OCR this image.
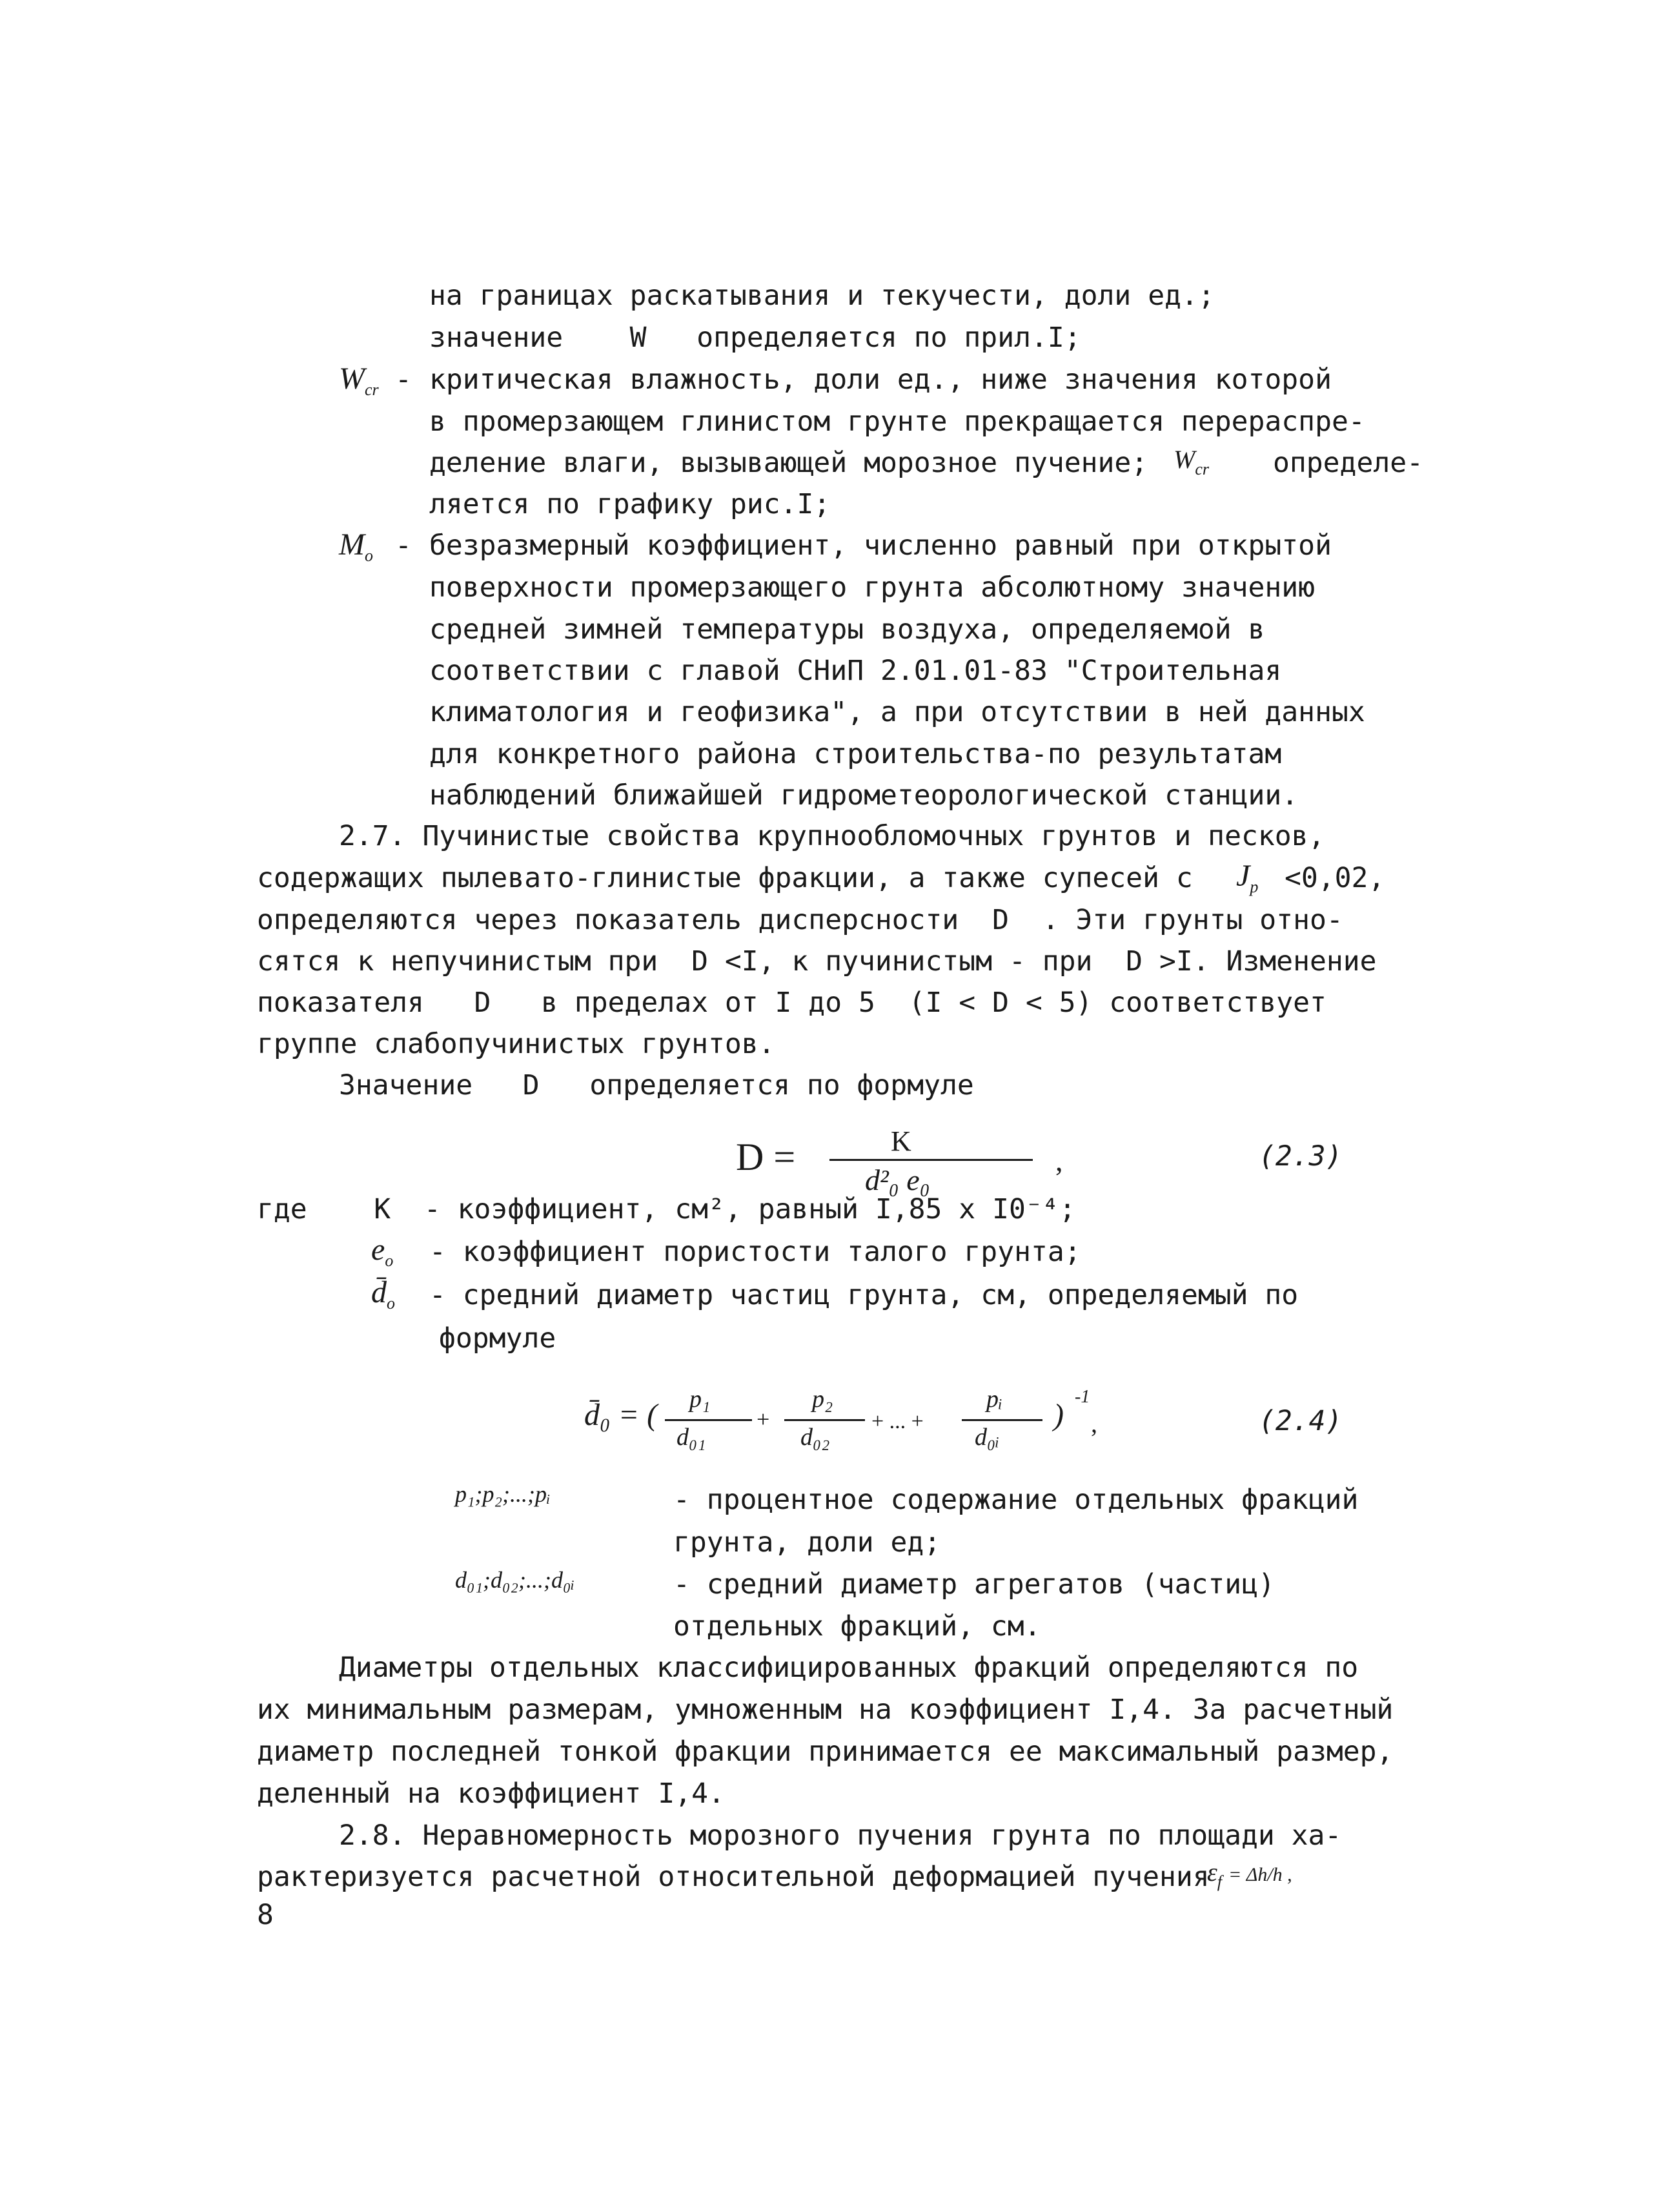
на границах раскатывания и текучести, доли ед.;
значение    W   определяется по прил.I;
$W_{cr}$ - критическая влажность, доли ед., ниже значения которой
в промерзающем глинистом грунте прекращается перераспре-
деление влаги, вызывающей морозное пучение; $W_{cr}$ определе-
ляется по графику рис.I;
$M_o$ - безразмерный коэффициент, численно равный при открытой
поверхности промерзающего грунта абсолютному значению
средней зимней температуры воздуха, определяемой в
соответствии с главой СНиП 2.01.01-83 "Строительная
климатология и геофизика", а при отсутствии в ней данных
для конкретного района строительства-по результатам
наблюдений ближайшей гидрометеорологической станции.
2.7. Пучинистые свойства крупнообломочных грунтов и песков,
содержащих пылевато-глинистые фракции, а также супесей с $J_p <0,02$,
определяются через показатель дисперсности  D  . Эти грунты отно-
сятся к непучинистым при  D <I, к пучинистым - при  D >I. Изменение
показателя   D   в пределах от I до 5  (I < D < 5) соответствует
группе слабопучинистых грунтов.
Значение   D   определяется по формуле

D =

	K

d²₀ e₀

,

	(2.3)

где    K  - коэффициент, см², равный I,85 х I0⁻⁴;
$e_o$ - коэффициент пористости талого грунта;
$d̄_o$ - средний диаметр частиц грунта, см, определяемый по
формуле

d̄₀ = (

p₁

d₀₁

+

p₂

d₀₂

+ ... +

pᵢ

d₀ᵢ

)

-1

,

	(2.4)

p₁;p₂;...;pᵢ	- процентное содержание отдельных фракций
грунта, доли ед;
d₀₁;d₀₂;...;d₀ᵢ	- средний диаметр агрегатов (частиц)
отдельных фракций, см.
Диаметры отдельных классифицированных фракций определяются по
их минимальным размерам, умноженным на коэффициент I,4. За расчетный
диаметр последней тонкой фракции принимается ее максимальный размер,
деленный на коэффициент I,4.
2.8. Неравномерность морозного пучения грунта по площади ха-
рактеризуется расчетной относительной деформацией пучения
$\varepsilon_f = \Delta h/h$ ,
8
